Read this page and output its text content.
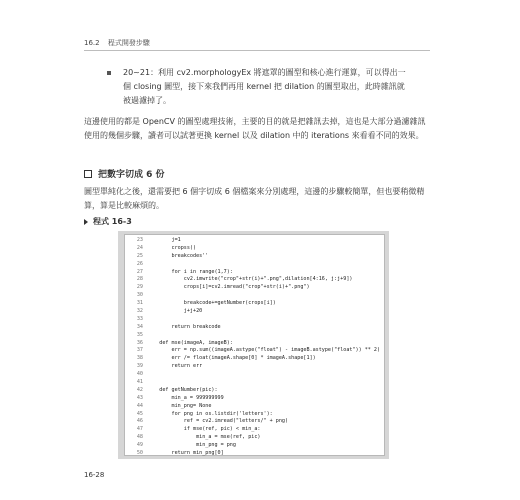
16.2 程式開發步驟
20~21：利用 cv2.morphologyEx 將遮罩的圖型和核心進行運算，可以得出一個 closing 圖型，接下來我們再用 kernel 把 dilation 的圖型取出，此時雜訊就被過濾掉了。
這邊使用的都是 OpenCV 的圖型處理技術，主要的目的就是把雜訊去掉，這也是大部分過濾雜訊使用的幾個步驟，讀者可以試著更換 kernel 以及 dilation 中的 iterations 來看看不同的效果。
把數字切成 6 份
圖型單純化之後，還需要把 6 個字切成 6 個檔案來分別處理，這邊的步驟較簡單，但也要稍微精算，算是比較麻煩的。
程式 16-3
23 j=1
24 cropss()
25 breakcodes''
26
27 for i in range(1,7):
28 cv2.imwrite("crop"+str(i)+".png",dilation[4:16, j:j+9])
29 crops[i]=cv2.imread("crop"+str(i)+".png")
30
31 breakcode+=getNumber(crops[i])
32 j+j+20
33
34 return breakcode
35
36 def mse(imageA, imageB):
37 err = np.sum((imageA.astype("float") - imageB.astype("float")) ** 2)
38 err /= float(imageA.shape[0] * imageA.shape[1])
39 return err
40
41
42 def getNumber(pic):
43 min_a = 999999999
44 min_png= None
45 for png in os.listdir('letters'):
46 ref = cv2.imread("letters/" + png)
47 if mse(ref, pic) < min_a:
48 min_a = mse(ref, pic)
49 min_png = png
50 return min_png[0]
16-28
